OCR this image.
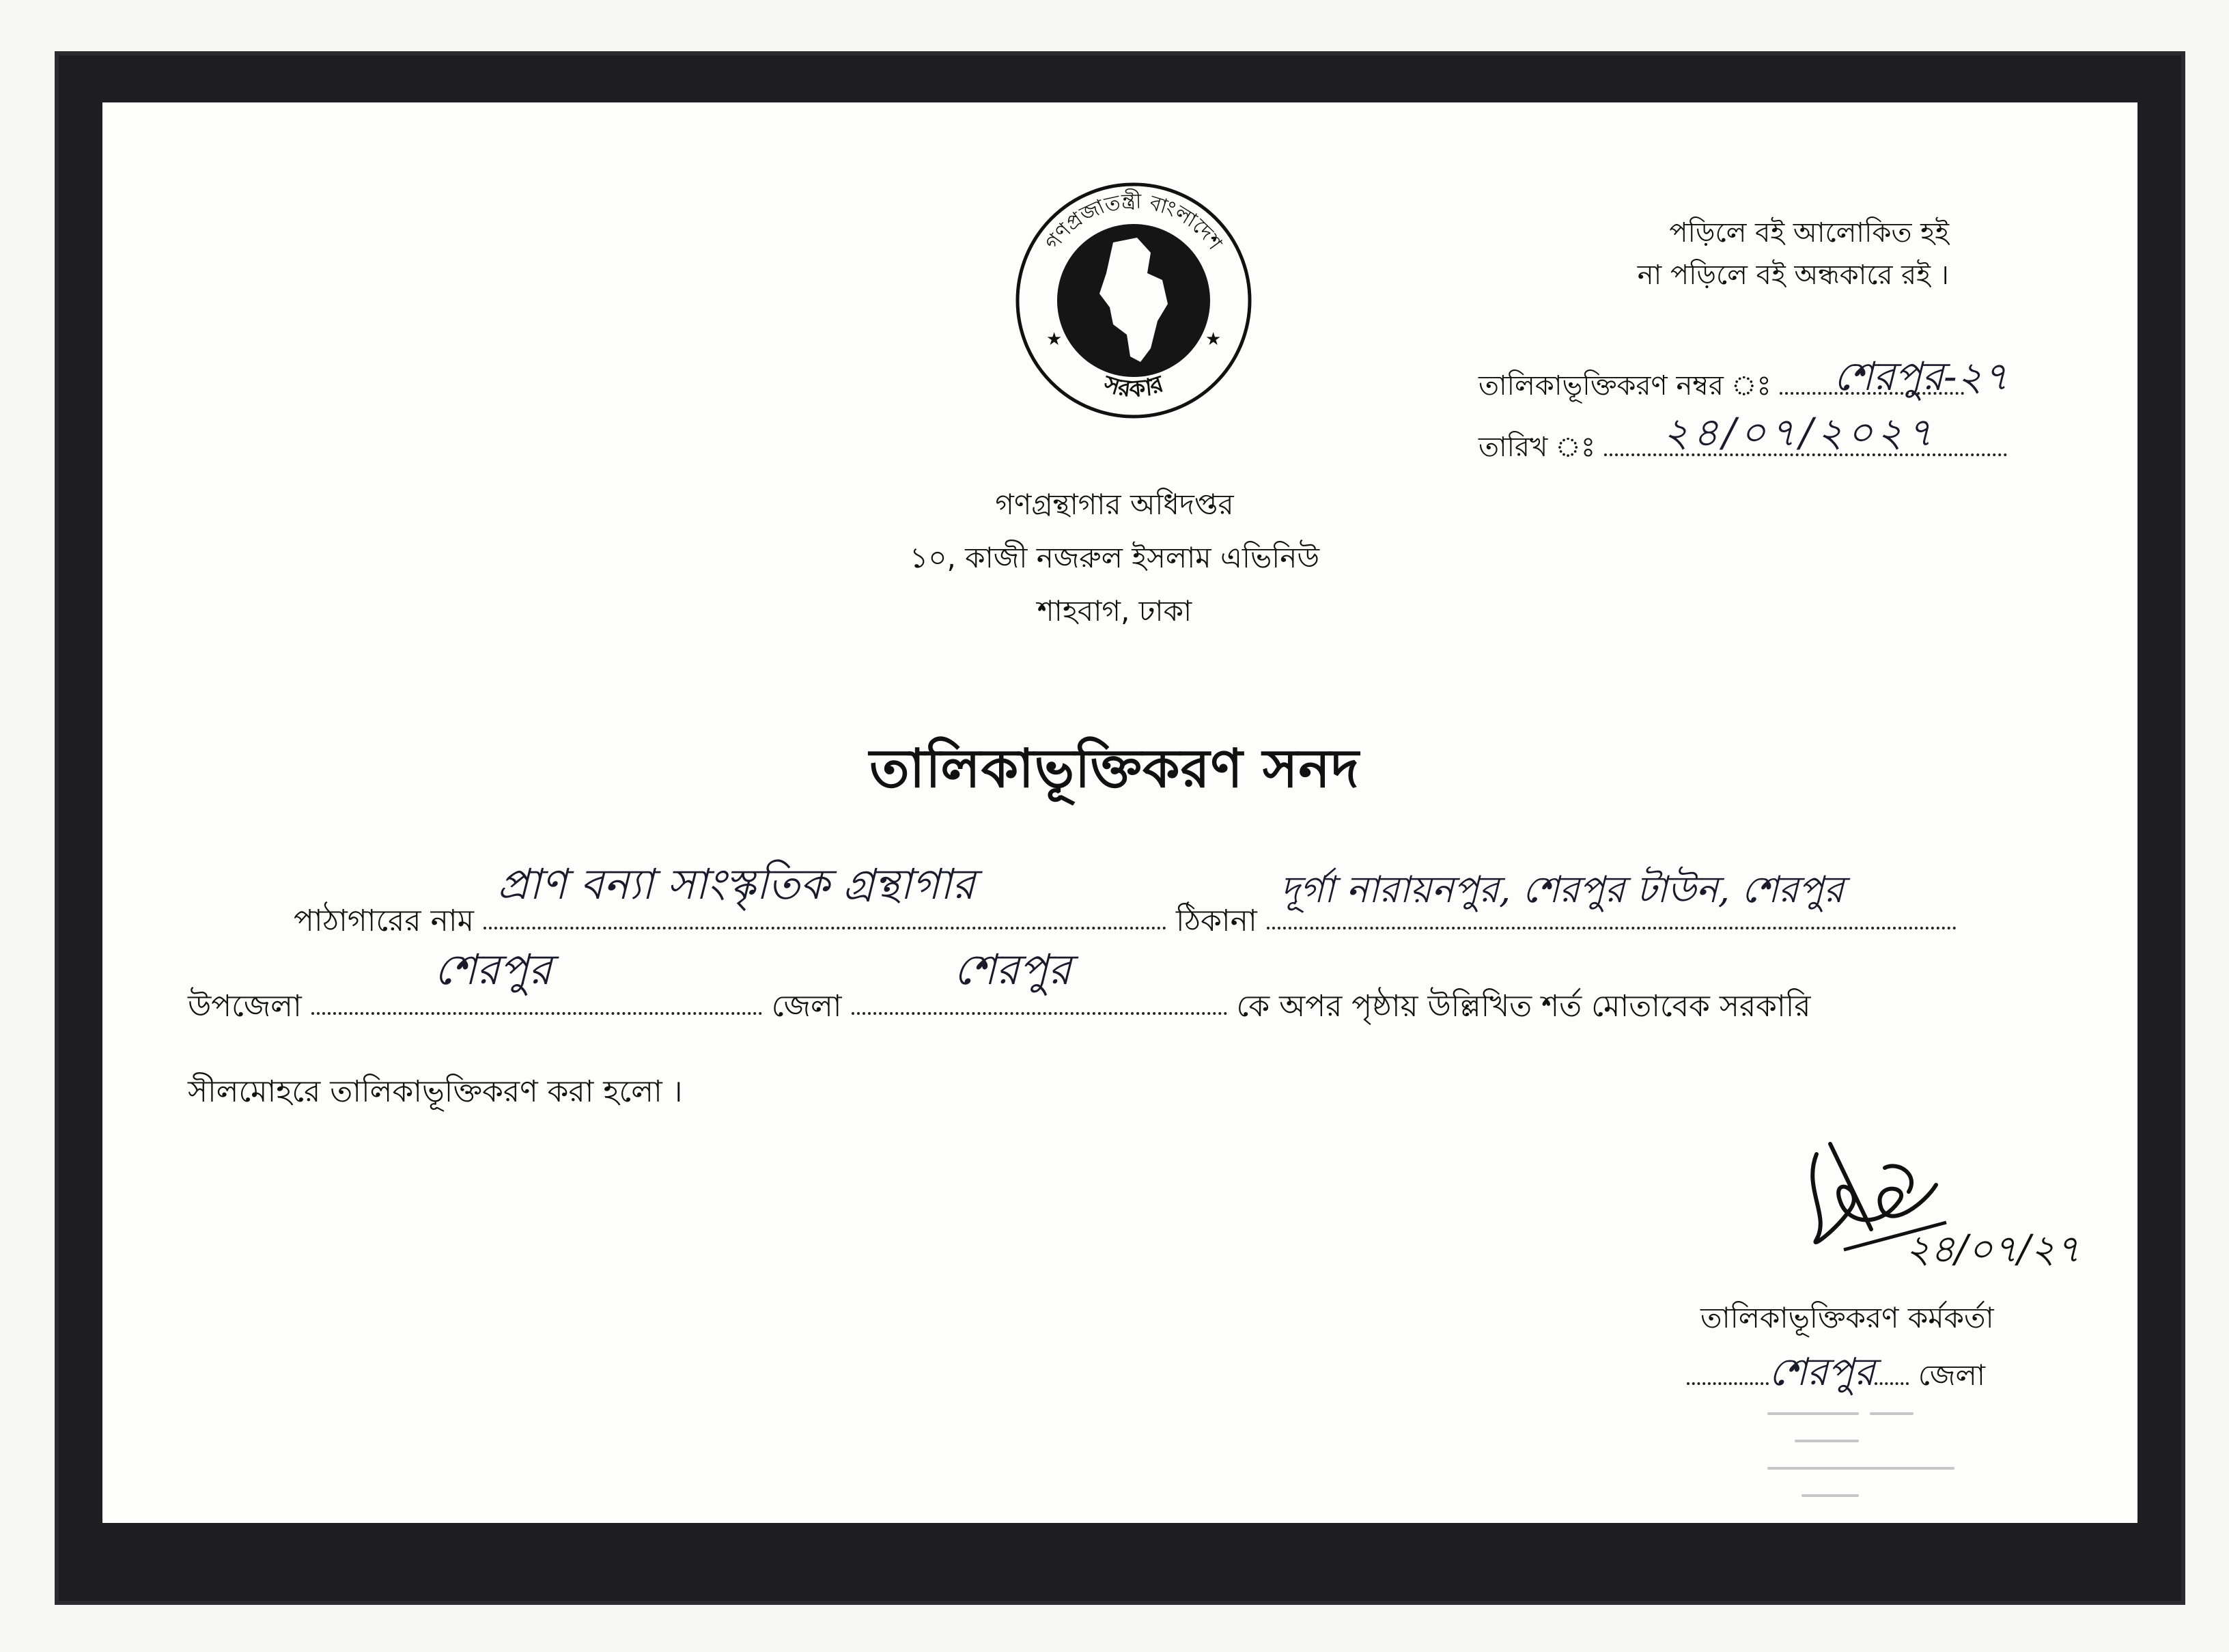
গণপ্রজাতন্ত্রী বাংলাদেশ
সরকার
★	★
পড়িলে বই আলোকিত হই
না পড়িলে বই অন্ধকারে রই ।
তালিকাভূক্তিকরণ নম্বর ঃ শেরপুর-২৭
তারিখ ঃ ২৪/০৭/২০২৭
গণগ্রন্থাগার অধিদপ্তর
১০, কাজী নজরুল ইসলাম এভিনিউ
শাহবাগ, ঢাকা
তালিকাভূক্তিকরণ সনদ
পাঠাগারের নাম
প্রাণ বন্যা সাংস্কৃতিক গ্রন্থাগার
ঠিকানা
দূর্গা নারায়নপুর, শেরপুর টাউন, শেরপুর
উপজেলা
শেরপুর
জেলা
শেরপুর
কে অপর পৃষ্ঠায় উল্লিখিত শর্ত মোতাবেক সরকারি
সীলমোহরে তালিকাভূক্তিকরণ করা হলো ।
২৪/০৭/২৭
তালিকাভূক্তিকরণ কর্মকর্তা
শেরপুর জেলা
